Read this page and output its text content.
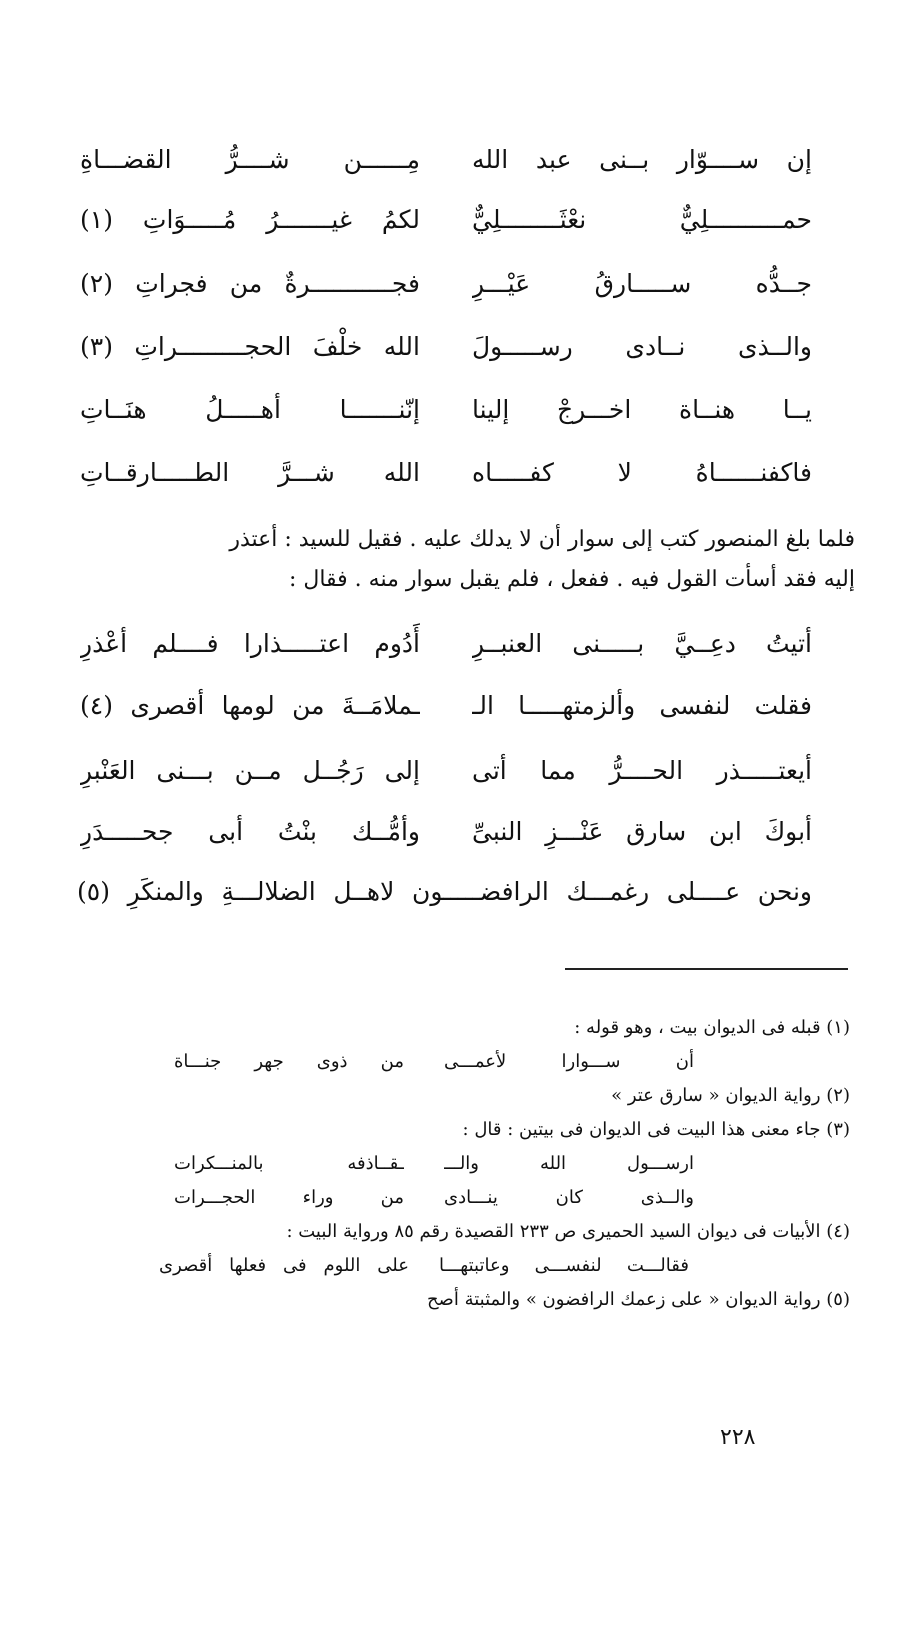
إن ســــوّار بــنى عبد الله
مِــــــن شــــرُّ القضـــاةِ
حمــــــــــلِيٌّ نعْثَــــــــلِيٌّ
لكمُ غيـــــــرُ مُـــــوَاتِ (١)
جــدُّه ســـــارقُ عَيْـــرِ
فجـــــــــــرةٌ من فجراتِ (٢)
والــذى نــادى رســـــولَ
الله خلْفَ الحجـــــــــراتِ (٣)
يــا هنــاة اخـــرجْ إلينا
إنّنـــــــا أهـــــلُ هنَــاتِ
فاكفنــــــاهُ لا كفـــــاه
الله شـــرَّ الطـــــارقــاتِ
فلما بلغ المنصور كتب إلى سوار أن لا يدلك عليه . فقيل للسيد : أعتذر
إليه فقد أسأت القول فيه . ففعل ، فلم يقبل سوار منه . فقال :
أتيتُ دعِــيَّ بـــــنى العنبــرِ
أَدُوم اعتـــــذارا فــــلم أعْذرِ
فقلت لنفسى وألزمتهـــــا الـ
ـملامَــةَ من لومها أقصرى (٤)
أيعتـــــذر الحــــرُّ مما أتى
إلى رَجُــل مــن بـــنى العَنْبرِ
أبوكَ ابن سارق عَنْـــزِ النبىِّ
وأمُّــك بنْتُ أبى جحـــــدَرِ
ونحن عــــلى رغمـــك الرافضـــــون لاهــل الضلالـــةِ والمنكَرِ (٥)
(١) قبله فى الديوان بيت ، وهو قوله :
أن ســـوارا لأعمـــى
من ذوى جهر جنـــاة
(٢) رواية الديوان « سارق عتر »
(٣) جاء معنى هذا البيت فى الديوان فى بيتين : قال :
ارســـول الله والـــ
ـقــاذفه بالمنـــكرات
والــذى كان ينـــادى
من وراء الحجـــرات
(٤) الأبيات فى ديوان السيد الحميرى ص ٢٣٣ القصيدة رقم ٨٥ ورواية البيت :
فقالـــت لنفســـى وعاتبتهـــا
على اللوم فى فعلها أقصرى
(٥) رواية الديوان « على زعمك الرافضون » والمثبتة أصح
٢٢٨
